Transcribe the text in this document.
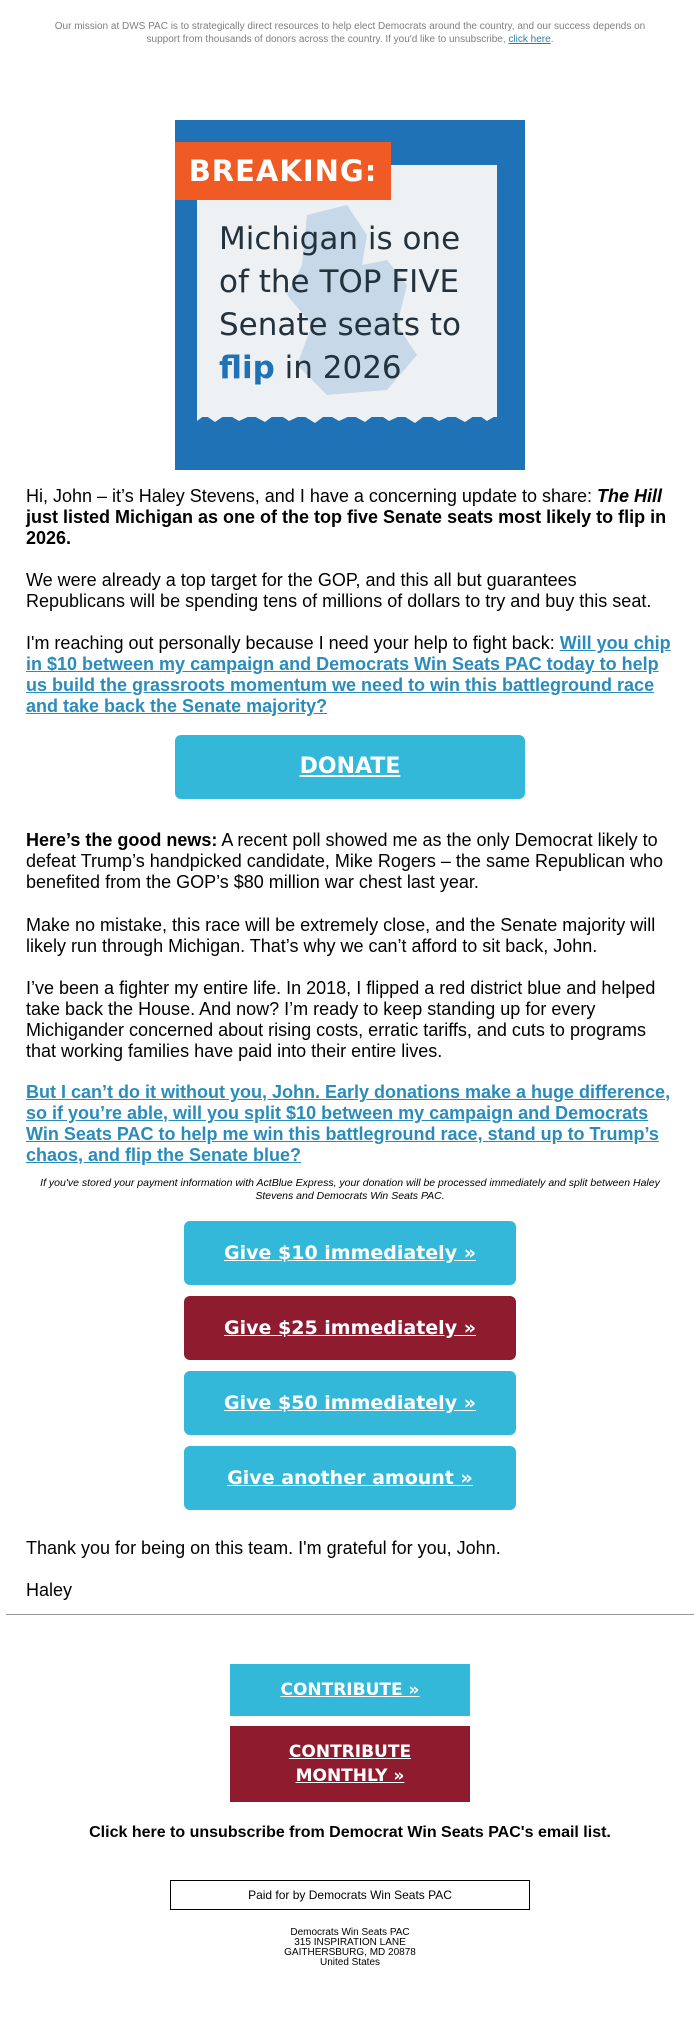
Our mission at DWS PAC is to strategically direct resources to help elect Democrats around the country, and our success depends on support from thousands of donors across the country. If you'd like to unsubscribe, click here.
BREAKING:
Michigan is one
of the TOP FIVE
Senate seats to
flip in 2026

Hi, John – it’s Haley Stevens, and I have a concerning update to share: The Hill just listed Michigan as one of the top five Senate seats most likely to flip in 2026.

We were already a top target for the GOP, and this all but guarantees Republicans will be spending tens of millions of dollars to try and buy this seat.

I'm reaching out personally because I need your help to fight back: Will you chip in $10 between my campaign and Democrats Win Seats PAC today to help us build the grassroots momentum we need to win this battleground race and take back the Senate majority?

DONATE

Here’s the good news: A recent poll showed me as the only Democrat likely to defeat Trump’s handpicked candidate, Mike Rogers – the same Republican who benefited from the GOP’s $80 million war chest last year.

Make no mistake, this race will be extremely close, and the Senate majority will likely run through Michigan. That’s why we can’t afford to sit back, John.

I’ve been a fighter my entire life. In 2018, I flipped a red district blue and helped take back the House. And now? I’m ready to keep standing up for every Michigander concerned about rising costs, erratic tariffs, and cuts to programs that working families have paid into their entire lives.

But I can’t do it without you, John. Early donations make a huge difference, so if you’re able, will you split $10 between my campaign and Democrats Win Seats PAC to help me win this battleground race, stand up to Trump’s chaos, and flip the Senate blue?

If you've stored your payment information with ActBlue Express, your donation will be processed immediately and split between Haley Stevens and Democrats Win Seats PAC.
Give $10 immediately »
Give $25 immediately »
Give $50 immediately »
Give another amount »

Thank you for being on this team. I'm grateful for you, John.

Haley

CONTRIBUTE »
CONTRIBUTE
MONTHLY »
Click here to unsubscribe from Democrat Win Seats PAC's email list.
Paid for by Democrats Win Seats PAC
Democrats Win Seats PAC
315 INSPIRATION LANE
GAITHERSBURG, MD 20878
United States
